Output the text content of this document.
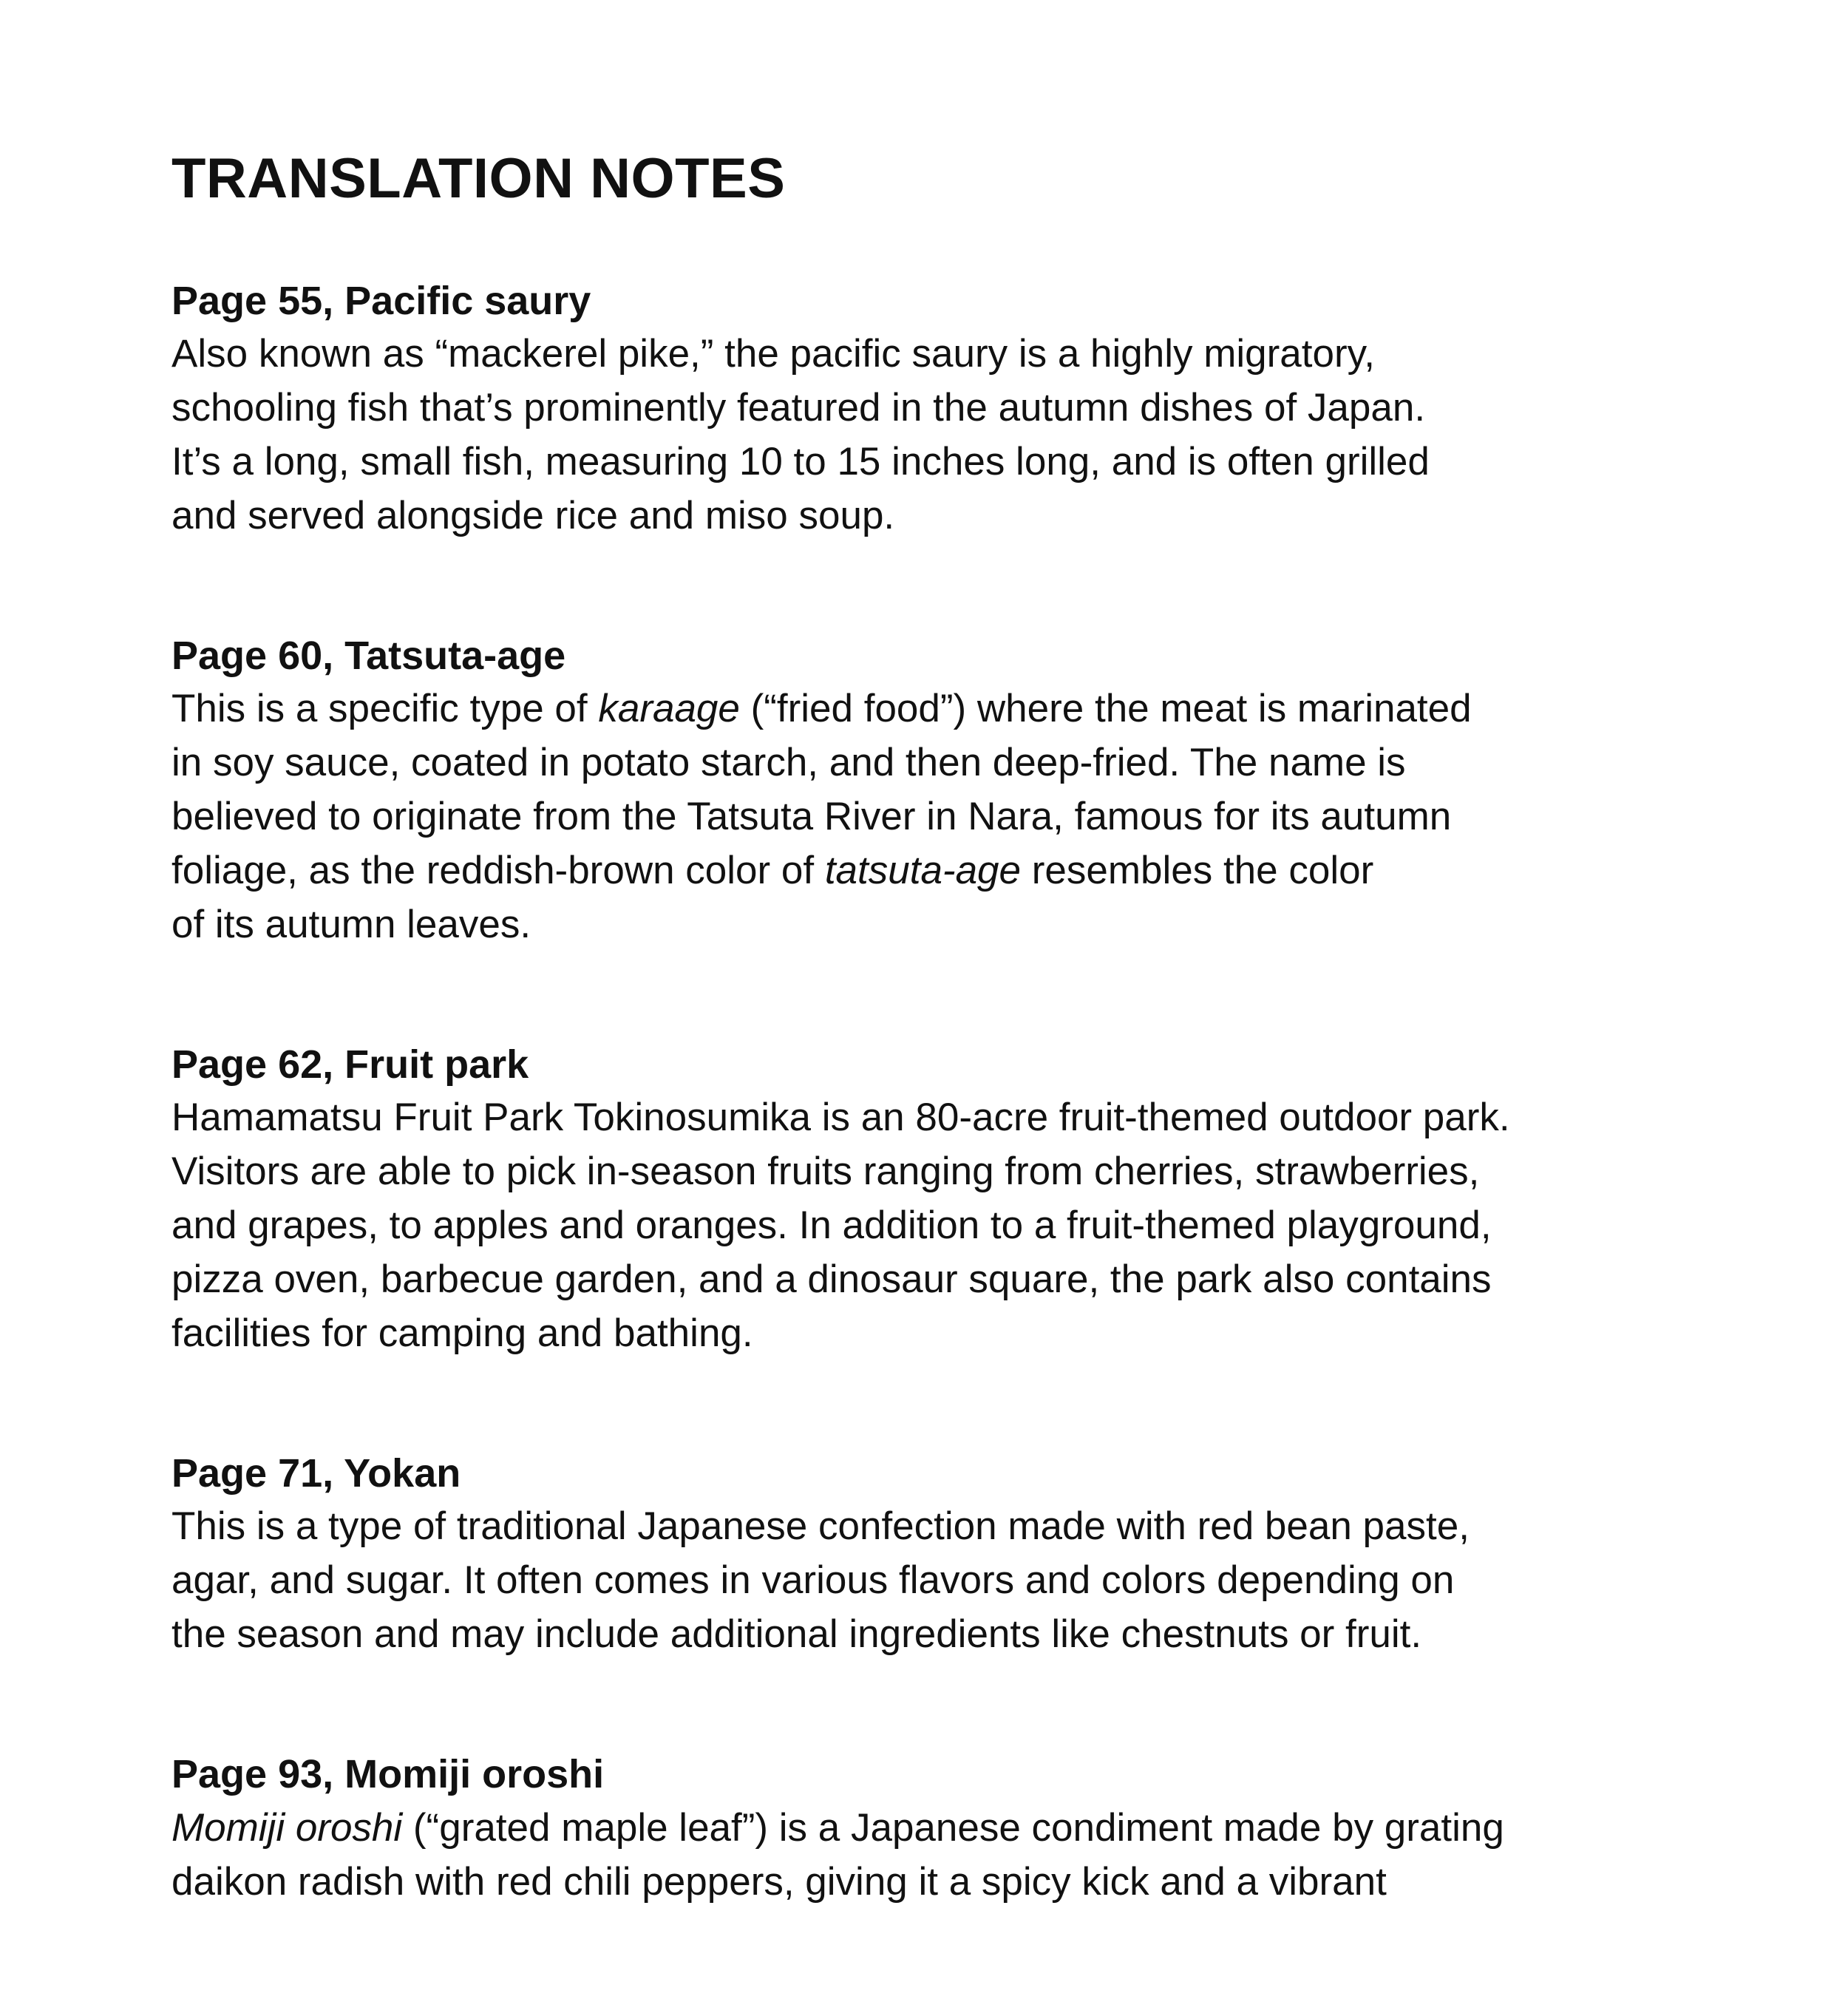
TRANSLATION NOTES
Page 55, Pacific saury

Also known as “mackerel pike,” the pacific saury is a highly migratory,
schooling fish that’s prominently featured in the autumn dishes of Japan.
It’s a long, small fish, measuring 10 to 15 inches long, and is often grilled
and served alongside rice and miso soup.

Page 60, Tatsuta-age

This is a specific type of karaage (“fried food”) where the meat is marinated
in soy sauce, coated in potato starch, and then deep-fried. The name is
believed to originate from the Tatsuta River in Nara, famous for its autumn
foliage, as the reddish-brown color of tatsuta-age resembles the color
of its autumn leaves.

Page 62, Fruit park

Hamamatsu Fruit Park Tokinosumika is an 80-acre fruit-themed outdoor park.
Visitors are able to pick in-season fruits ranging from cherries, strawberries,
and grapes, to apples and oranges. In addition to a fruit-themed playground,
pizza oven, barbecue garden, and a dinosaur square, the park also contains
facilities for camping and bathing.

Page 71, Yokan

This is a type of traditional Japanese confection made with red bean paste,
agar, and sugar. It often comes in various flavors and colors depending on
the season and may include additional ingredients like chestnuts or fruit.

Page 93, Momiji oroshi

Momiji oroshi (“grated maple leaf”) is a Japanese condiment made by grating
daikon radish with red chili peppers, giving it a spicy kick and a vibrant
